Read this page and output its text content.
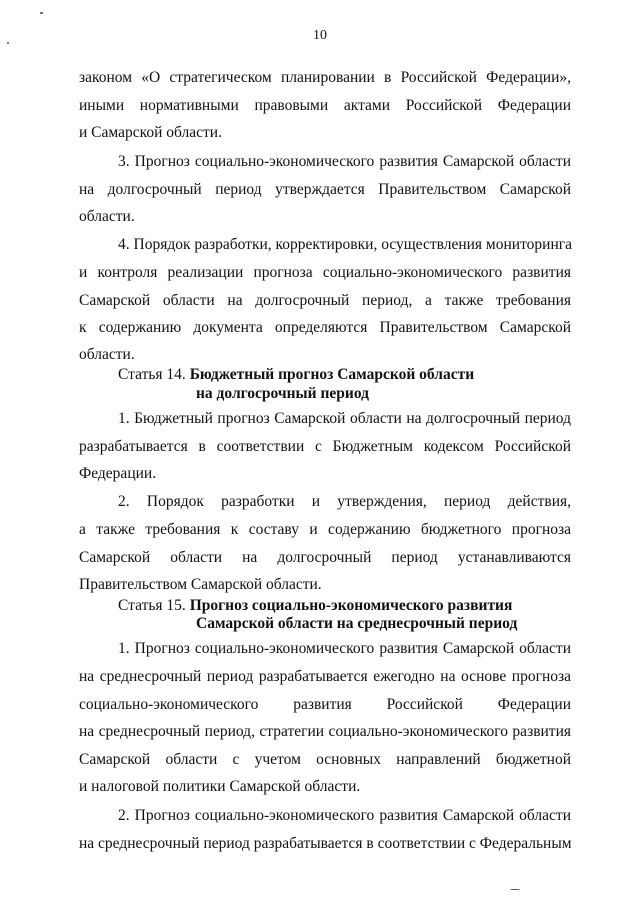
10
законом «О стратегическом планировании в Российской Федерации»,
иными нормативными правовыми актами Российской Федерации
и Самарской области.
3. Прогноз социально-экономического развития Самарской области
на долгосрочный период утверждается Правительством Самарской
области.
4. Порядок разработки, корректировки, осуществления мониторинга
и контроля реализации прогноза социально-экономического развития
Самарской области на долгосрочный период, а также требования
к содержанию документа определяются Правительством Самарской
области.
Статья 14. Бюджетный прогноз Самарской области
на долгосрочный период
1. Бюджетный прогноз Самарской области на долгосрочный период
разрабатывается в соответствии с Бюджетным кодексом Российской
Федерации.
2. Порядок разработки и утверждения, период действия,
а также требования к составу и содержанию бюджетного прогноза
Самарской области на долгосрочный период устанавливаются
Правительством Самарской области.
Статья 15. Прогноз социально-экономического развития
Самарской области на среднесрочный период
1. Прогноз социально-экономического развития Самарской области
на среднесрочный период разрабатывается ежегодно на основе прогноза
социально-экономического развития Российской Федерации
на среднесрочный период, стратегии социально-экономического развития
Самарской области с учетом основных направлений бюджетной
и налоговой политики Самарской области.
2. Прогноз социально-экономического развития Самарской области
на среднесрочный период разрабатывается в соответствии с Федеральным
